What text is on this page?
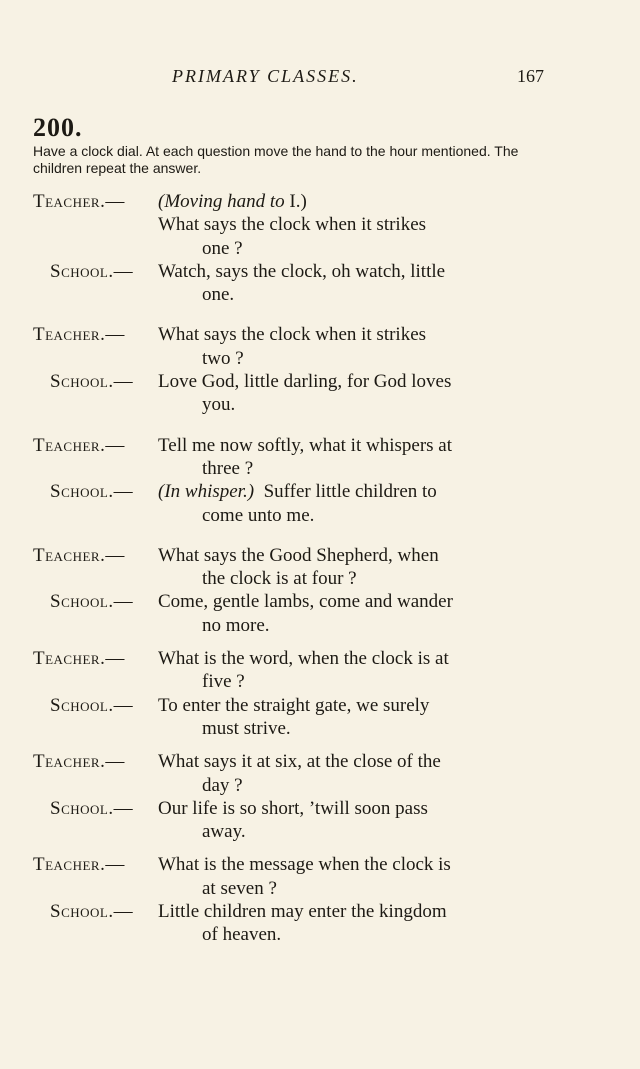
PRIMARY CLASSES.	167
200.
Have a clock dial. At each question move the hand to the hour mentioned. The children repeat the answer.
Teacher.— (Moving hand to I.)
What says the clock when it strikes
one ?
School.— Watch, says the clock, oh watch, little
one.
Teacher.— What says the clock when it strikes
two ?
School.— Love God, little darling, for God loves
you.
Teacher.— Tell me now softly, what it whispers at
three ?
School.— (In whisper.) Suffer little children to
come unto me.
Teacher.— What says the Good Shepherd, when
the clock is at four ?
School.— Come, gentle lambs, come and wander
no more.
Teacher.— What is the word, when the clock is at
five ?
School.— To enter the straight gate, we surely
must strive.
Teacher.— What says it at six, at the close of the
day ?
School.— Our life is so short, ’twill soon pass
away.
Teacher.— What is the message when the clock is
at seven ?
School.— Little children may enter the kingdom
of heaven.
